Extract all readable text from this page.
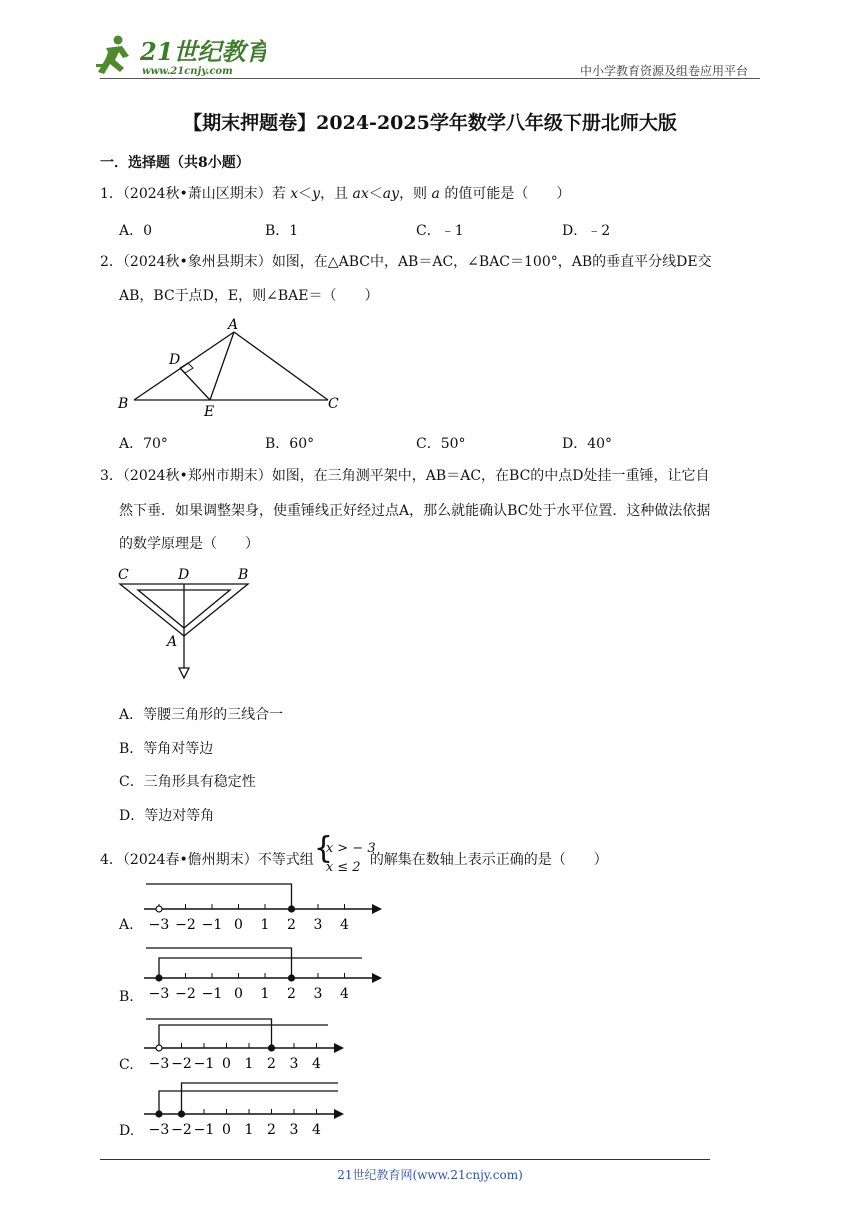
21世纪教育
www.21cnjy.com	中小学教育资源及组卷应用平台
【期末押题卷】2024-2025学年数学八年级下册北师大版
一．选择题（共8小题）
1．（2024秋•萧山区期末）若 x＜y，且 ax＜ay，则 a 的值可能是（　　）
A．0	B．1	C．﹣1	D．﹣2
2．（2024秋•象州县期末）如图，在△ABC中，AB＝AC，∠BAC＝100°，AB的垂直平分线DE交
AB，BC于点D，E，则∠BAE＝（　　）
A
B	C
D
E
A．70°	B．60°	C．50°	D．40°
3．（2024秋•郑州市期末）如图，在三角测平架中，AB＝AC，在BC的中点D处挂一重锤，让它自
然下垂．如果调整架身，使重锤线正好经过点A，那么就能确认BC处于水平位置．这种做法依据
的数学原理是（　　）
C	D	B
A
A．等腰三角形的三线合一
B．等角对等边
C．三角形具有稳定性
D．等边对等角
4．（2024春•儋州期末）不等式组 {
x > − 3
x ≤ 2 的解集在数轴上表示正确的是（　　）
A. −3 −2 −1 0 1 2 3 4
B. −3 −2 −1 0 1 2 3 4
C. −3 −2 −1 0 1 2 3 4
D. −3 −2 −1 0 1 2 3 4
21世纪教育网(www.21cnjy.com)
